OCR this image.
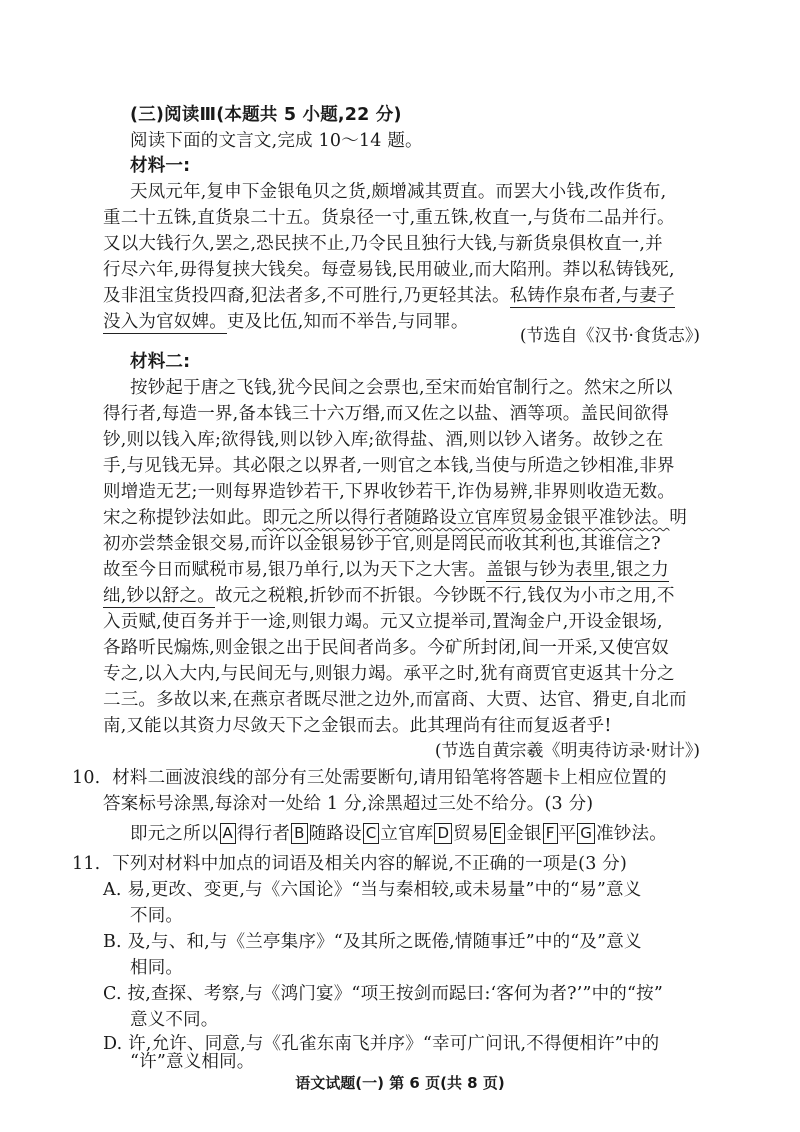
(三)阅读Ⅲ(本题共 5 小题,22 分)
阅读下面的文言文,完成 10～14 题。
材料一:
天凤元年,复申下金银龟贝之货,颇增减其贾直。而罢大小钱,改作货布,
重二十五铢,直货泉二十五。货泉径一寸,重五铢,枚直一,与货布二品并行。
又以大钱行久,罢之,恐民挟不止,乃令民且独行大钱,与新货泉俱枚直一,并
行尽六年,毋得复挟大钱矣。每壹易钱,民用破业,而大陷刑。莽以私铸钱死,
及非沮宝货投四裔,犯法者多,不可胜行,乃更轻其法。私铸作泉布者,与妻子
没入为官奴婢。吏及比伍,知而不举告,与同罪。
(节选自《汉书·食货志》)
材料二:
按钞起于唐之飞钱,犹今民间之会票也,至宋而始官制行之。然宋之所以
得行者,每造一界,备本钱三十六万缗,而又佐之以盐、酒等项。盖民间欲得
钞,则以钱入库;欲得钱,则以钞入库;欲得盐、酒,则以钞入诸务。故钞之在
手,与见钱无异。其必限之以界者,一则官之本钱,当使与所造之钞相准,非界
则增造无艺;一则每界造钞若干,下界收钞若干,诈伪易辨,非界则收造无数。
宋之称提钞法如此。即元之所以得行者随路设立官库贸易金银平准钞法。明
初亦尝禁金银交易,而许以金银易钞于官,则是罔民而收其利也,其谁信之?
故至今日而赋税市易,银乃单行,以为天下之大害。盖银与钞为表里,银之力
绌,钞以舒之。故元之税粮,折钞而不折银。今钞既不行,钱仅为小市之用,不
入贡赋,使百务并于一途,则银力竭。元又立提举司,置淘金户,开设金银场,
各路听民煽炼,则金银之出于民间者尚多。今矿所封闭,间一开采,又使宫奴
专之,以入大内,与民间无与,则银力竭。承平之时,犹有商贾官吏返其十分之
二三。多故以来,在燕京者既尽泄之边外,而富商、大贾、达官、猾吏,自北而
南,又能以其资力尽敛天下之金银而去。此其理尚有往而复返者乎!
(节选自黄宗羲《明夷待访录·财计》)
10. 材料二画波浪线的部分有三处需要断句,请用铅笔将答题卡上相应位置的
答案标号涂黑,每涂对一处给 1 分,涂黑超过三处不给分。(3 分)
即元之所以 A 得行者 B 随路设 C 立官库 D 贸易 E 金银 F 平 G 准钞法。
11. 下列对材料中加点的词语及相关内容的解说,不正确的一项是(3 分)
A. 易,更改、变更,与《六国论》“当与秦相较,或未易量”中的“易”意义
不同。
B. 及,与、和,与《兰亭集序》“及其所之既倦,情随事迁”中的“及”意义
相同。
C. 按,查探、考察,与《鸿门宴》“项王按剑而跽曰:‘客何为者?’”中的“按”
意义不同。
D. 许,允许、同意,与《孔雀东南飞并序》“幸可广问讯,不得便相许”中的
“许”意义相同。
语文试题(一) 第 6 页(共 8 页)
